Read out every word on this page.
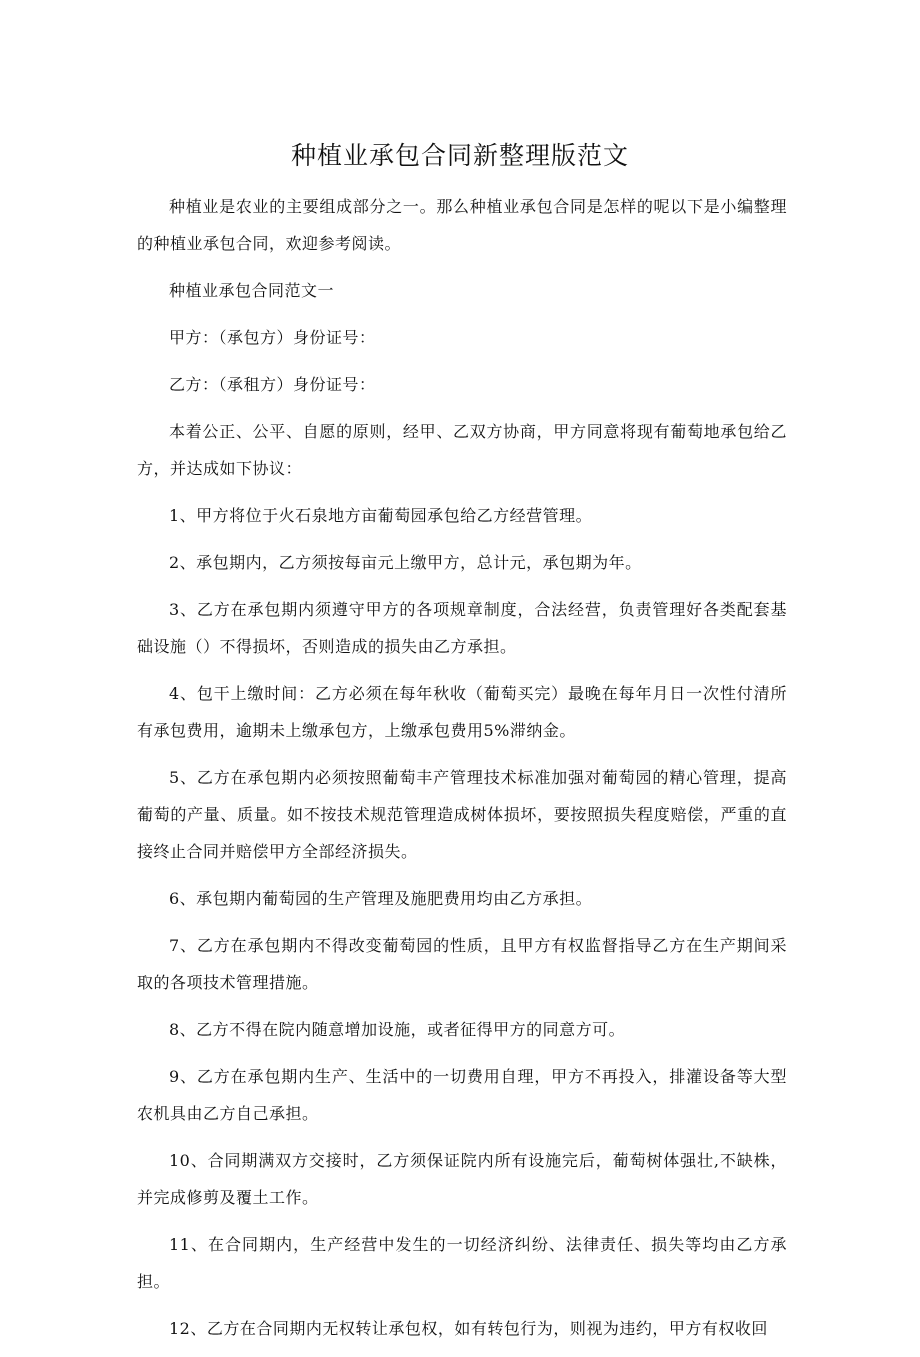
种植业承包合同新整理版范文

种植业是农业的主要组成部分之一。那么种植业承包合同是怎样的呢以下是小编整理的种植业承包合同，欢迎参考阅读。

种植业承包合同范文一

甲方：（承包方）身份证号：

乙方：（承租方）身份证号：

本着公正、公平、自愿的原则，经甲、乙双方协商，甲方同意将现有葡萄地承包给乙方，并达成如下协议：

1、甲方将位于火石泉地方亩葡萄园承包给乙方经营管理。

2、承包期内，乙方须按每亩元上缴甲方，总计元，承包期为年。

3、乙方在承包期内须遵守甲方的各项规章制度，合法经营，负责管理好各类配套基础设施（）不得损坏，否则造成的损失由乙方承担。

4、包干上缴时间：乙方必须在每年秋收（葡萄买完）最晚在每年月日一次性付清所有承包费用，逾期未上缴承包方，上缴承包费用5%滞纳金。

5、乙方在承包期内必须按照葡萄丰产管理技术标准加强对葡萄园的精心管理，提高葡萄的产量、质量。如不按技术规范管理造成树体损坏，要按照损失程度赔偿，严重的直接终止合同并赔偿甲方全部经济损失。

6、承包期内葡萄园的生产管理及施肥费用均由乙方承担。

7、乙方在承包期内不得改变葡萄园的性质，且甲方有权监督指导乙方在生产期间采取的各项技术管理措施。

8、乙方不得在院内随意增加设施，或者征得甲方的同意方可。

9、乙方在承包期内生产、生活中的一切费用自理，甲方不再投入，排灌设备等大型农机具由乙方自己承担。

10、合同期满双方交接时，乙方须保证院内所有设施完后，葡萄树体强壮,不缺株，并完成修剪及覆土工作。

11、在合同期内，生产经营中发生的一切经济纠纷、法律责任、损失等均由乙方承担。

12、乙方在合同期内无权转让承包权，如有转包行为，则视为违约，甲方有权收回
